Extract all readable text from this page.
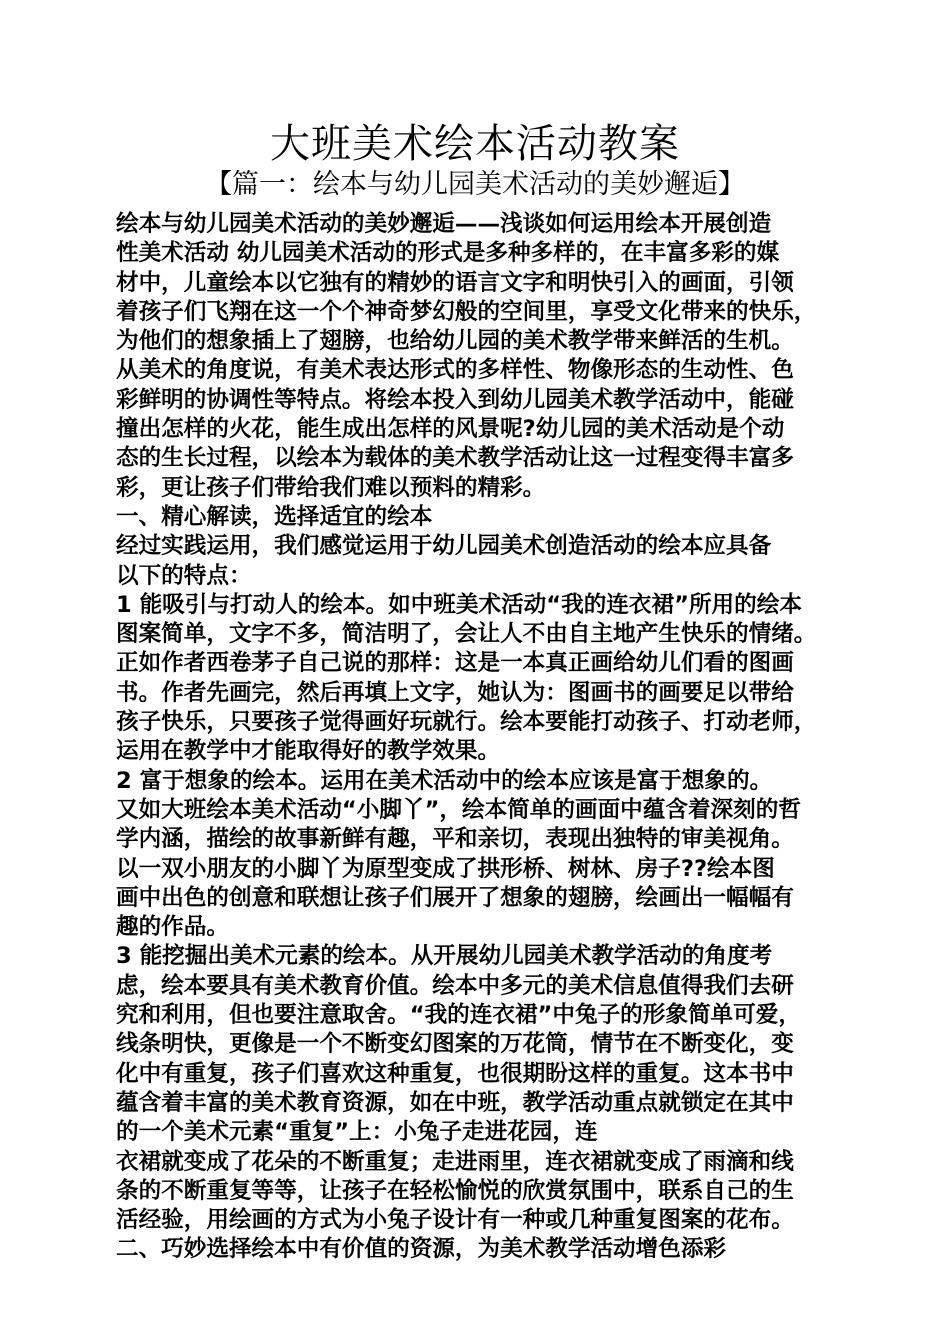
大班美术绘本活动教案
【篇一：绘本与幼儿园美术活动的美妙邂逅】
绘本与幼儿园美术活动的美妙邂逅——浅谈如何运用绘本开展创造
性美术活动 幼儿园美术活动的形式是多种多样的，在丰富多彩的媒
材中，儿童绘本以它独有的精妙的语言文字和明快引入的画面，引领
着孩子们飞翔在这一个个神奇梦幻般的空间里，享受文化带来的快乐，
为他们的想象插上了翅膀，也给幼儿园的美术教学带来鲜活的生机。
从美术的角度说，有美术表达形式的多样性、物像形态的生动性、色
彩鲜明的协调性等特点。将绘本投入到幼儿园美术教学活动中，能碰
撞出怎样的火花，能生成出怎样的风景呢?幼儿园的美术活动是个动
态的生长过程，以绘本为载体的美术教学活动让这一过程变得丰富多
彩，更让孩子们带给我们难以预料的精彩。
一、精心解读，选择适宜的绘本
经过实践运用，我们感觉运用于幼儿园美术创造活动的绘本应具备
以下的特点：
1 能吸引与打动人的绘本。如中班美术活动“我的连衣裙”所用的绘本
图案简单，文字不多，简洁明了，会让人不由自主地产生快乐的情绪。
正如作者西卷茅子自己说的那样：这是一本真正画给幼儿们看的图画
书。作者先画完，然后再填上文字，她认为：图画书的画要足以带给
孩子快乐，只要孩子觉得画好玩就行。绘本要能打动孩子、打动老师，
运用在教学中才能取得好的教学效果。
2 富于想象的绘本。运用在美术活动中的绘本应该是富于想象的。
又如大班绘本美术活动“小脚丫”，绘本简单的画面中蕴含着深刻的哲
学内涵，描绘的故事新鲜有趣，平和亲切，表现出独特的审美视角。
以一双小朋友的小脚丫为原型变成了拱形桥、树林、房子??绘本图
画中出色的创意和联想让孩子们展开了想象的翅膀，绘画出一幅幅有
趣的作品。
3 能挖掘出美术元素的绘本。从开展幼儿园美术教学活动的角度考
虑，绘本要具有美术教育价值。绘本中多元的美术信息值得我们去研
究和利用，但也要注意取舍。“我的连衣裙”中兔子的形象简单可爱，
线条明快，更像是一个不断变幻图案的万花筒，情节在不断变化，变
化中有重复，孩子们喜欢这种重复，也很期盼这样的重复。这本书中
蕴含着丰富的美术教育资源，如在中班，教学活动重点就锁定在其中
的一个美术元素“重复”上：小兔子走进花园，连
衣裙就变成了花朵的不断重复；走进雨里，连衣裙就变成了雨滴和线
条的不断重复等等，让孩子在轻松愉悦的欣赏氛围中，联系自己的生
活经验，用绘画的方式为小兔子设计有一种或几种重复图案的花布。
二、巧妙选择绘本中有价值的资源，为美术教学活动增色添彩
